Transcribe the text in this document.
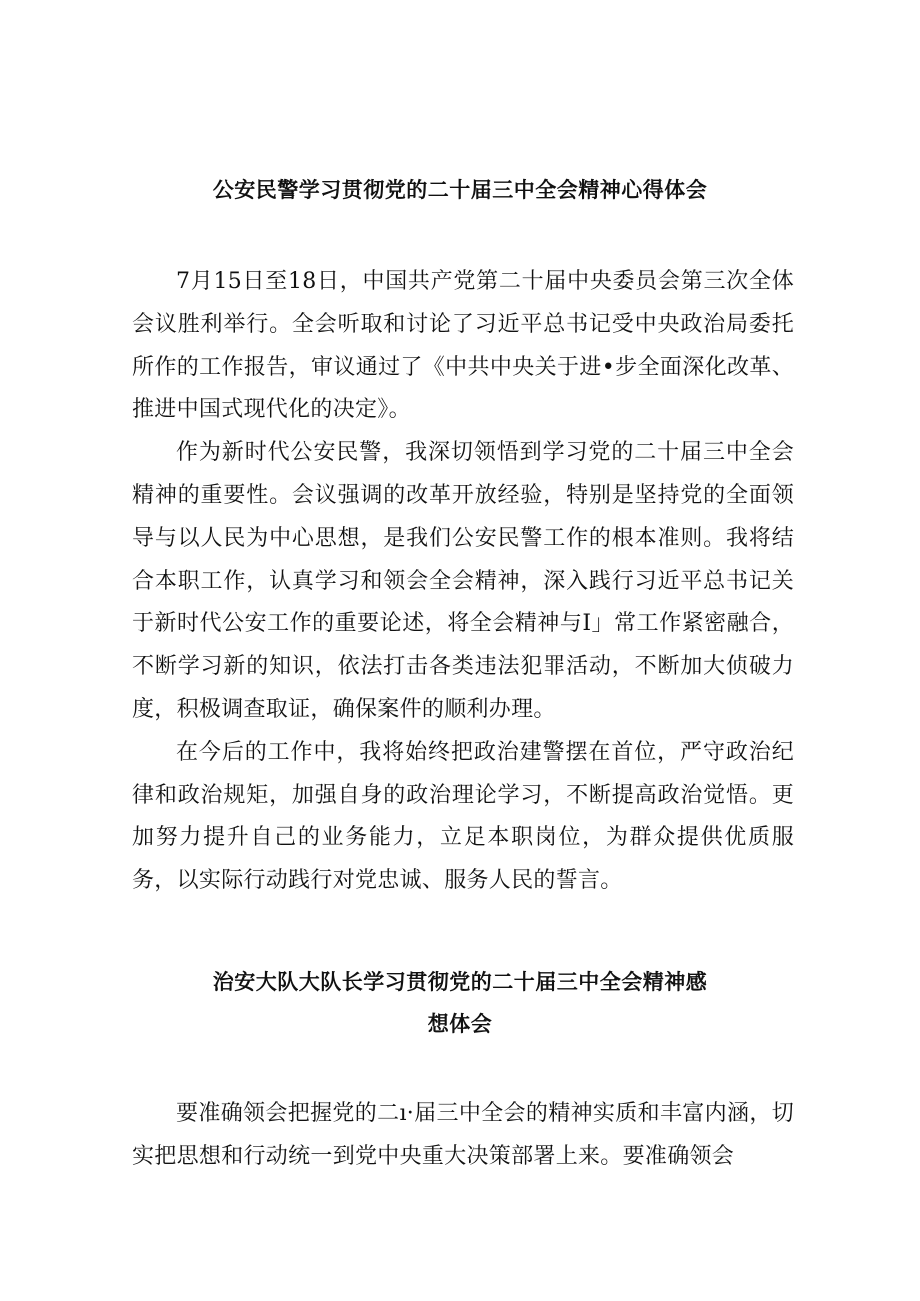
公安民警学习贯彻党的二十届三中全会精神心得体会

7月15日至18日，中国共产党第二十届中央委员会第三次全体会议胜利举行。全会听取和讨论了习近平总书记受中央政治局委托所作的工作报告，审议通过了《中共中央关于进•步全面深化改革、推进中国式现代化的决定》。

作为新时代公安民警，我深切领悟到学习党的二十届三中全会精神的重要性。会议强调的改革开放经验，特别是坚持党的全面领导与以人民为中心思想，是我们公安民警工作的根本准则。我将结合本职工作，认真学习和领会全会精神，深入践行习近平总书记关于新时代公安工作的重要论述，将全会精神与I」常工作紧密融合，不断学习新的知识，依法打击各类违法犯罪活动，不断加大侦破力度，积极调查取证，确保案件的顺利办理。

在今后的工作中，我将始终把政治建警摆在首位，严守政治纪律和政治规矩，加强自身的政治理论学习，不断提高政治觉悟。更加努力提升自己的业务能力，立足本职岗位，为群众提供优质服务，以实际行动践行对党忠诚、服务人民的誓言。

治安大队大队长学习贯彻党的二十届三中全会精神感
想体会

要准确领会把握党的二ı·届三中全会的精神实质和丰富内涵，切实把思想和行动统一到党中央重大决策部署上来。要准确领会
